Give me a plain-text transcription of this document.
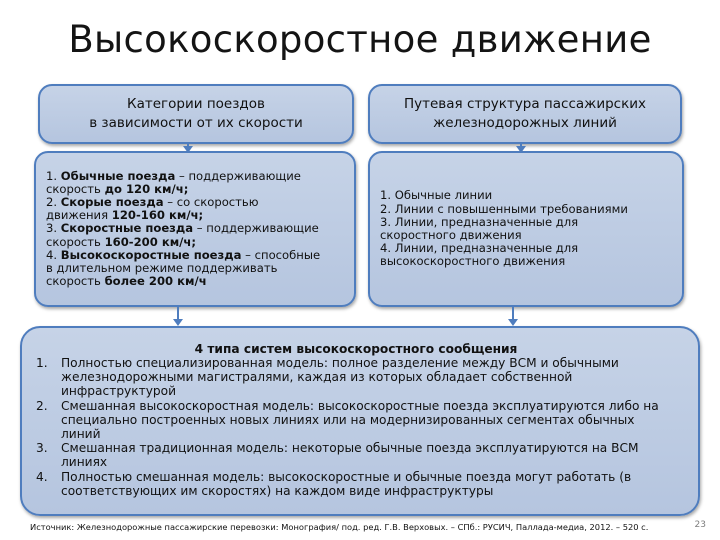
Высокоскоростное движение
Категории поездов
в зависимости от их скорости
Путевая структура пассажирских
железнодорожных линий
1. Обычные поезда – поддерживающие
скорость до 120 км/ч;
2. Скорые поезда – со скоростью
движения 120-160 км/ч;
3. Скоростные поезда – поддерживающие
скорость 160-200 км/ч;
4. Высокоскоростные поезда – способные
в длительном режиме поддерживать
скорость более 200 км/ч
1. Обычные линии
2. Линии с повышенными требованиями
3. Линии, предназначенные для
скоростного движения
4. Линии, предназначенные для
высокоскоростного движения
4 типа систем высокоскоростного сообщения
1. Полностью специализированная модель: полное разделение между ВСМ и обычными железнодорожными магистралями, каждая из которых обладает собственной инфраструктурой
2. Смешанная высокоскоростная модель: высокоскоростные поезда эксплуатируются либо на специально построенных новых линиях или на модернизированных сегментах обычных линий
3. Смешанная традиционная модель: некоторые обычные поезда эксплуатируются на ВСМ линиях
4. Полностью смешанная модель: высокоскоростные и обычные поезда могут работать (в соответствующих им скоростях) на каждом виде инфраструктуры
Источник: Железнодорожные пассажирские перевозки: Монография/ под. ред. Г.В. Верховых. – СПб.: РУСИЧ, Паллада-медиа, 2012. – 520 с.	23
